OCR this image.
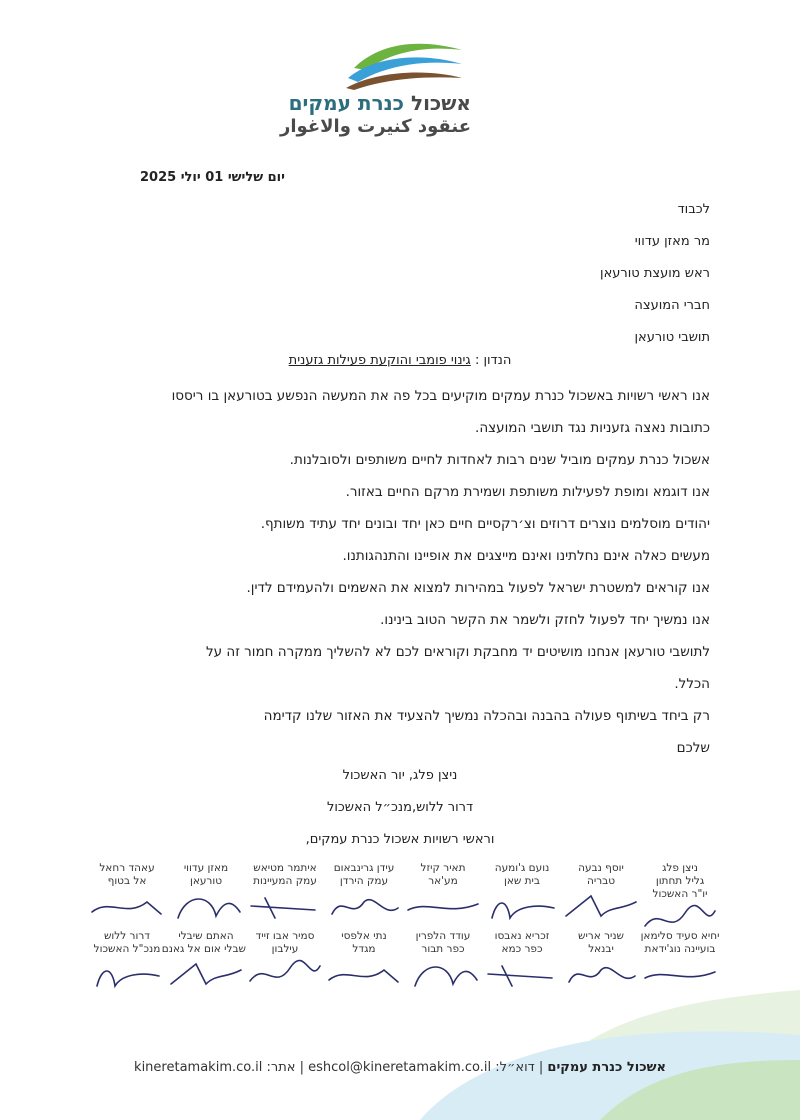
אשכול כנרת עמקים
عنقود كنيرت والاغوار
יום שלישי 01 יולי 2025
לכבוד
מר מאזן עדווי
ראש מועצת טורעאן
חברי המועצה
תושבי טורעאן
הנדון : גינוי פומבי והוקעת פעילות גזענית
אנו ראשי רשויות באשכול כנרת עמקים מוקיעים בכל פה את המעשה הנפשע בטורעאן בו ריססו
כתובות נאצה גזעניות נגד תושבי המועצה.
אשכול כנרת עמקים מוביל שנים רבות לאחדות לחיים משותפים ולסובלנות.
אנו דוגמא ומופת לפעילות משותפת ושמירת מרקם החיים באזור.
יהודים מוסלמים נוצרים דרוזים וצ׳רקסיים חיים כאן יחד ובונים יחד עתיד משותף.
מעשים כאלה אינם נחלתינו ואינם מייצגים את אופיינו והתנהגותנו.
אנו קוראים למשטרת ישראל לפעול במהירות למצוא את האשמים ולהעמידם לדין.
אנו נמשיך יחד לפעול לחזק ולשמר את הקשר הטוב בינינו.
לתושבי טורעאן אנחנו מושיטים יד מחבקת וקוראים לכם לא להשליך ממקרה חמור זה על
הכלל.
רק ביחד בשיתוף פעולה בהבנה ובהכלה נמשיך להצעיד את האזור שלנו קדימה
שלכם
ניצן פלג, יור האשכול
דרור ללוש,מנכ״ל האשכול
וראשי רשויות אשכול כנרת עמקים,
ניצן פלג
גליל תחתון
יו"ר האשכול
יוסף נבעה
טבריה
נועם ג'ומעה
בית שאן
תאיר קיזל
מע'אר
עידן גרינבאום
עמק הירדן
איתמר מטיאש
עמק המעיינות
מאזן עדווי
טורעאן
עאהד רחאל
אל בטוף
יחיא סעיד סלימאן
בועיינה נוג'ידאת
שניר אריש
יבנאל
זכריא נאבסו
כפר כמא
עודד הלפרין
כפר תבור
נתי אלפסי
מגדל
סמיר אבו זייד
עילבון
האתם שיבלי
שבלי אום אל גאנם
דרור ללוש
מנכ"ל האשכול
אשכול כנרת עמקים | דוא״ל: eshcol@kineretamakim.co.il | אתר: kineretamakim.co.il
